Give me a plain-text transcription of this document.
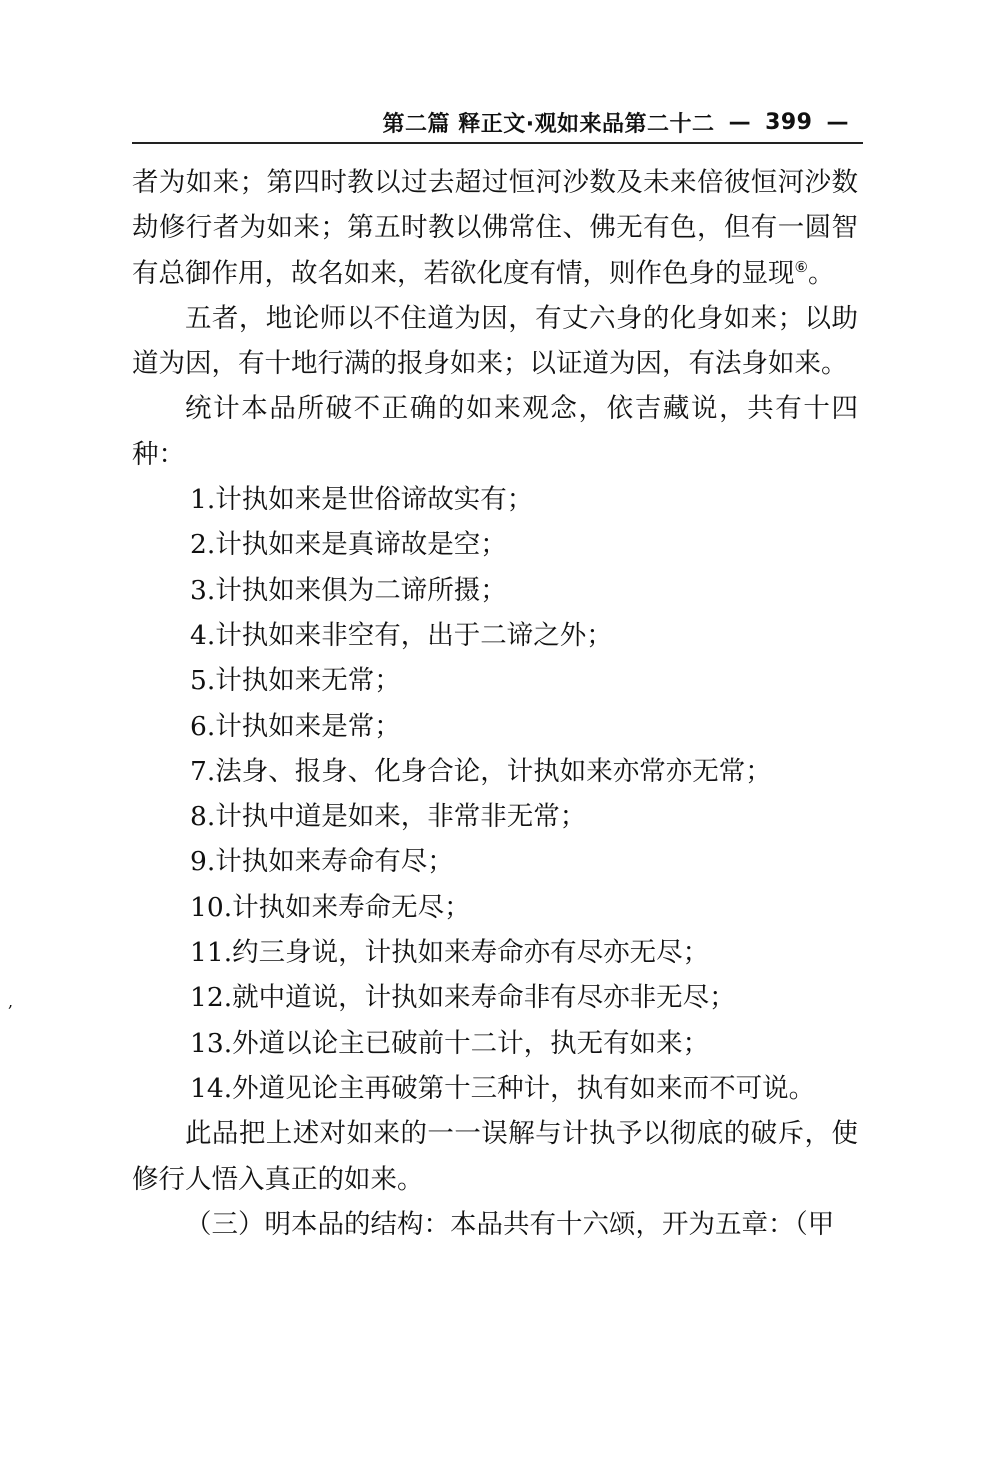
第二篇 释正文·观如来品第二十二 — 399 —

者为如来；第四时教以过去超过恒河沙数及未来倍彼恒河沙数劫修行者为如来；第五时教以佛常住、佛无有色，但有一圆智有总御作用，故名如来，若欲化度有情，则作色身的显现⑥。

五者，地论师以不住道为因，有丈六身的化身如来；以助道为因，有十地行满的报身如来；以证道为因，有法身如来。

统计本品所破不正确的如来观念，依吉藏说，共有十四种：

1.计执如来是世俗谛故实有；
2.计执如来是真谛故是空；
3.计执如来俱为二谛所摄；
4.计执如来非空有，出于二谛之外；
5.计执如来无常；
6.计执如来是常；
7.法身、报身、化身合论，计执如来亦常亦无常；
8.计执中道是如来，非常非无常；
9.计执如来寿命有尽；
10.计执如来寿命无尽；
11.约三身说，计执如来寿命亦有尽亦无尽；
12.就中道说，计执如来寿命非有尽亦非无尽；
13.外道以论主已破前十二计，执无有如来；
14.外道见论主再破第十三种计，执有如来而不可说。

此品把上述对如来的一一误解与计执予以彻底的破斥，使修行人悟入真正的如来。

（三）明本品的结构：本品共有十六颂，开为五章：（甲

,
